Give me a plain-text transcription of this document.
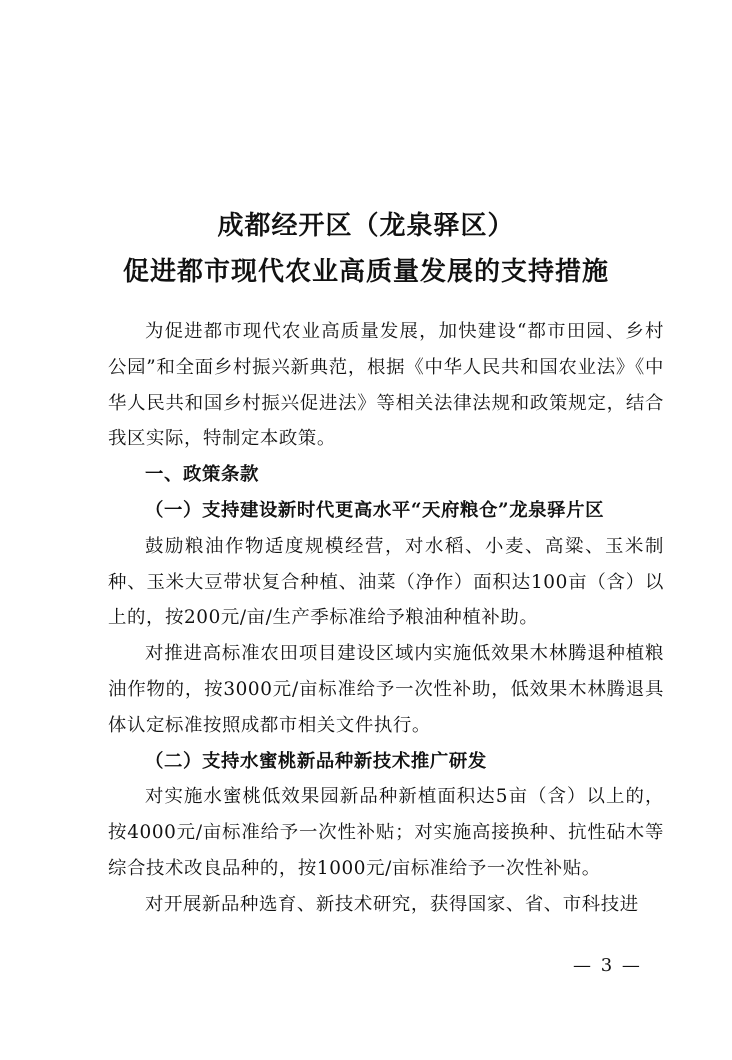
成都经开区（龙泉驿区）
促进都市现代农业高质量发展的支持措施

为促进都市现代农业高质量发展，加快建设“都市田园、乡村公园”和全面乡村振兴新典范，根据《中华人民共和国农业法》《中华人民共和国乡村振兴促进法》等相关法律法规和政策规定，结合我区实际，特制定本政策。

一、政策条款

（一）支持建设新时代更高水平“天府粮仓”龙泉驿片区

鼓励粮油作物适度规模经营，对水稻、小麦、高粱、玉米制种、玉米大豆带状复合种植、油菜（净作）面积达100亩（含）以上的，按200元/亩/生产季标准给予粮油种植补助。

对推进高标准农田项目建设区域内实施低效果木林腾退种植粮油作物的，按3000元/亩标准给予一次性补助，低效果木林腾退具体认定标准按照成都市相关文件执行。

（二）支持水蜜桃新品种新技术推广研发

对实施水蜜桃低效果园新品种新植面积达5亩（含）以上的，按4000元/亩标准给予一次性补贴；对实施高接换种、抗性砧木等综合技术改良品种的，按1000元/亩标准给予一次性补贴。

对开展新品种选育、新技术研究，获得国家、省、市科技进

— 3 —
